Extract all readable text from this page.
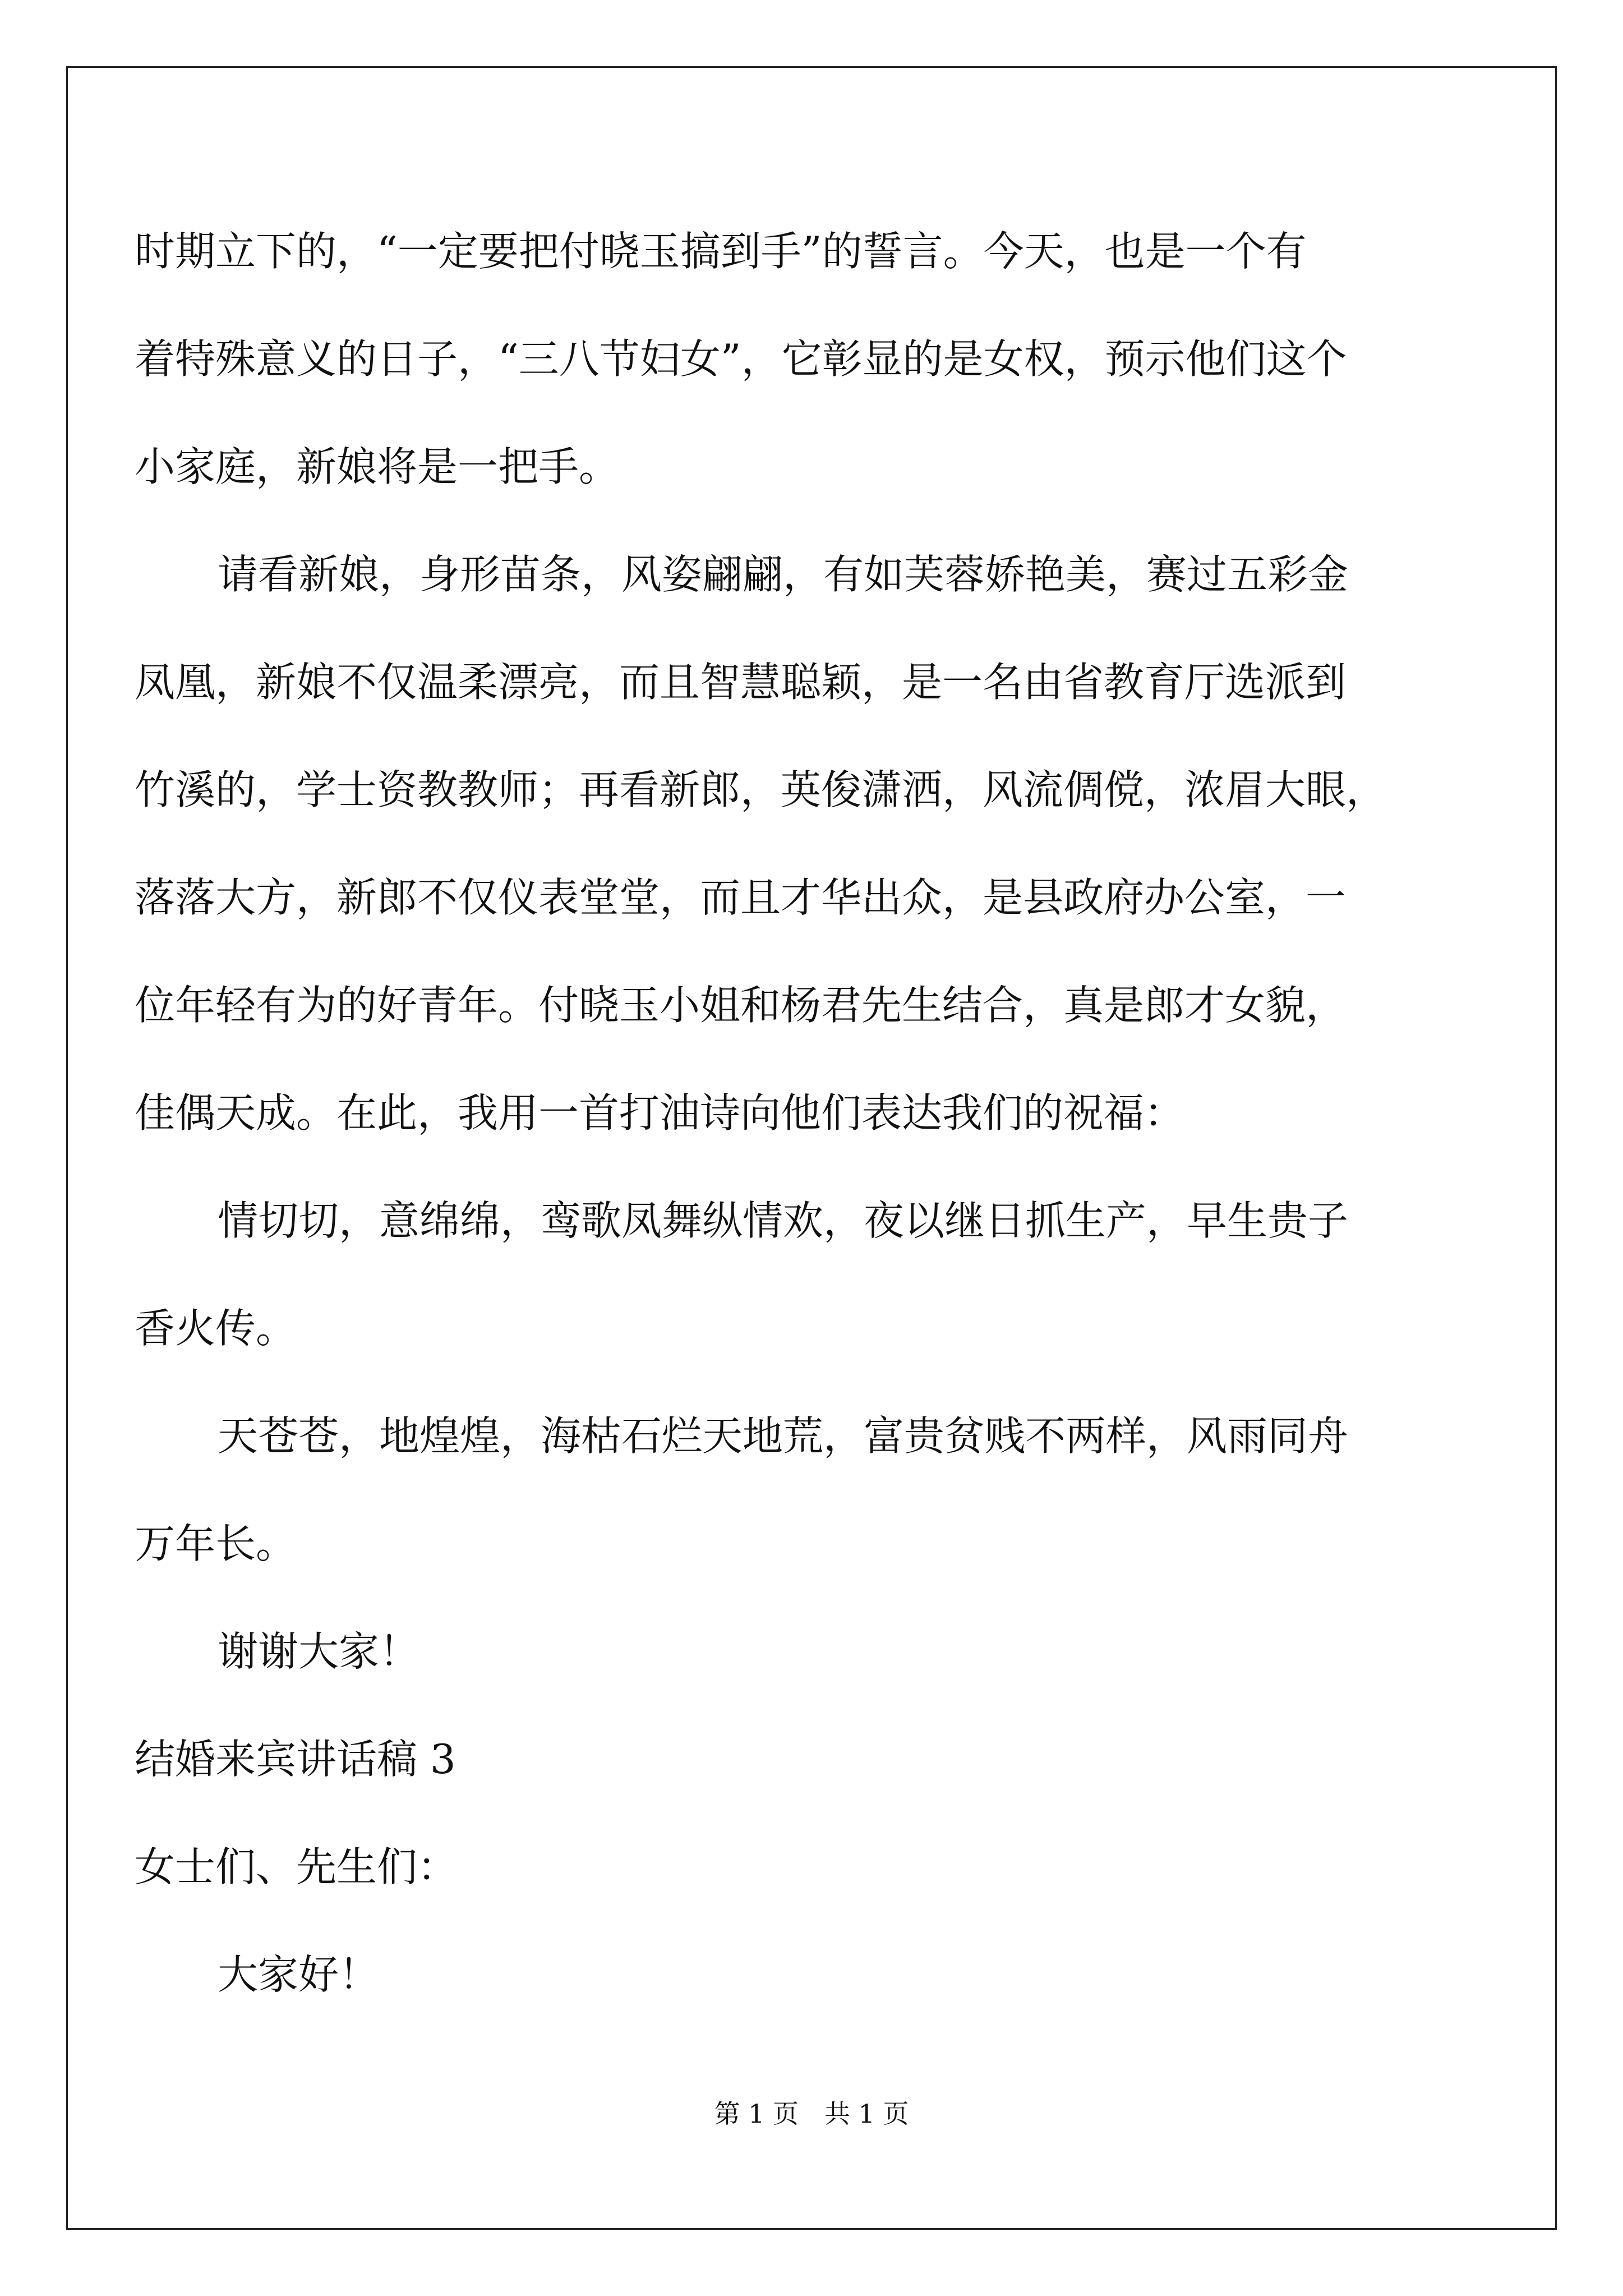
时期立下的，“一定要把付晓玉搞到手”的誓言。今天，也是一个有
着特殊意义的日子，“三八节妇女”，它彰显的是女权，预示他们这个
小家庭，新娘将是一把手。
请看新娘，身形苗条，风姿翩翩，有如芙蓉娇艳美，赛过五彩金
凤凰，新娘不仅温柔漂亮，而且智慧聪颖，是一名由省教育厅选派到
竹溪的，学士资教教师；再看新郎，英俊潇洒，风流倜傥，浓眉大眼，
落落大方，新郎不仅仪表堂堂，而且才华出众，是县政府办公室，一
位年轻有为的好青年。付晓玉小姐和杨君先生结合，真是郎才女貌，
佳偶天成。在此，我用一首打油诗向他们表达我们的祝福：
情切切，意绵绵，鸾歌凤舞纵情欢，夜以继日抓生产，早生贵子
香火传。
天苍苍，地煌煌，海枯石烂天地荒，富贵贫贱不两样，风雨同舟
万年长。
谢谢大家！
结婚来宾讲话稿 3
女士们、先生们：
大家好！
第 1 页　共 1 页
